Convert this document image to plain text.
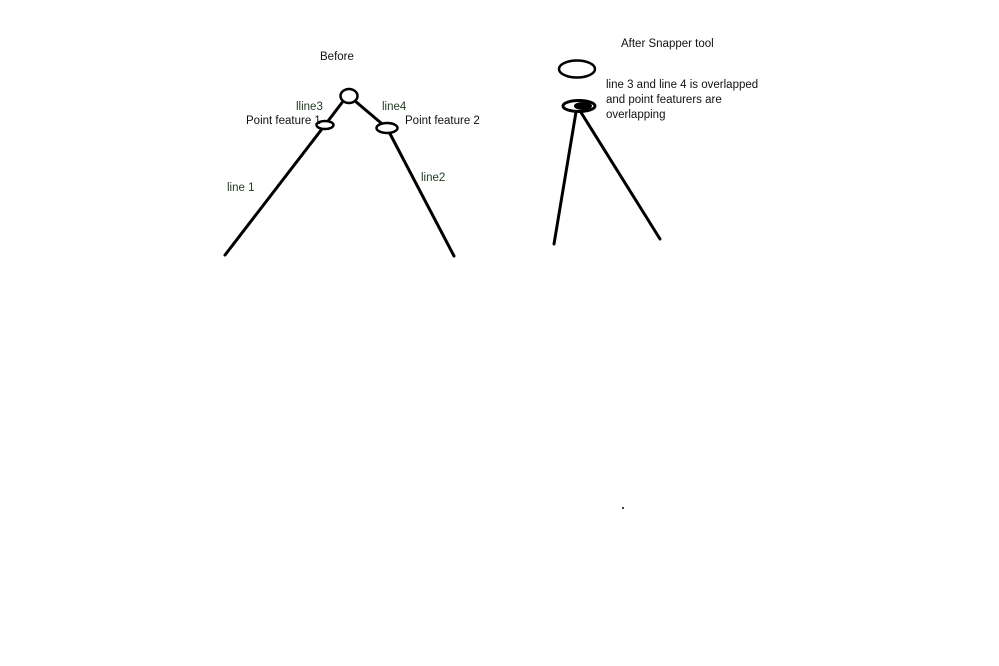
Before
lline3	line4
Point feature 1	Point feature 2
line 1
line2
After Snapper tool
line 3 and line 4 is overlapped
and point featurers are
overlapping
